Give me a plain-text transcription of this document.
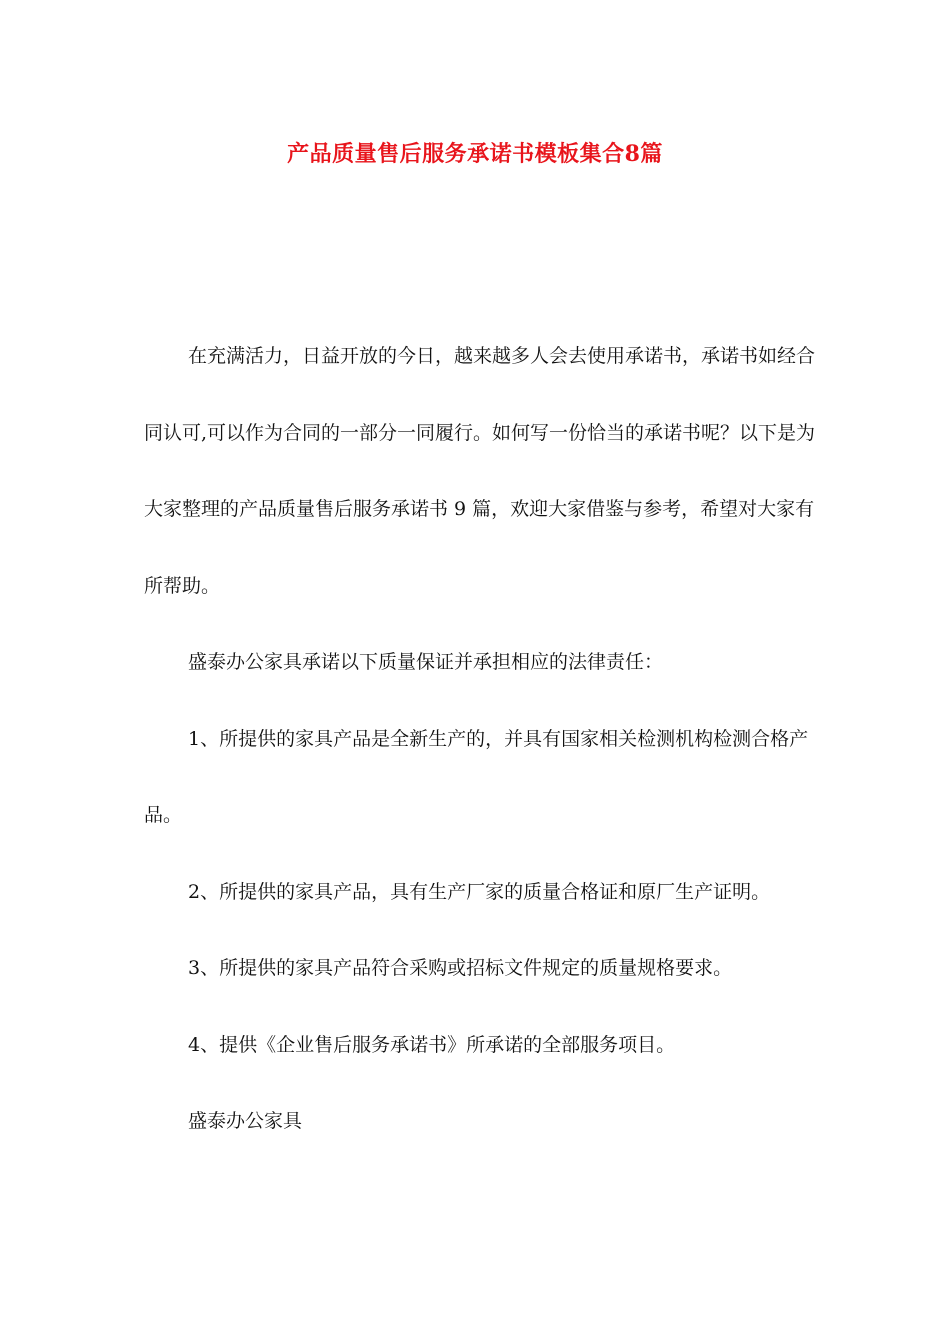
产品质量售后服务承诺书模板集合8篇

在充满活力，日益开放的今日，越来越多人会去使用承诺书，承诺书如经合同认可,可以作为合同的一部分一同履行。如何写一份恰当的承诺书呢？以下是为大家整理的产品质量售后服务承诺书 9 篇，欢迎大家借鉴与参考，希望对大家有所帮助。

盛泰办公家具承诺以下质量保证并承担相应的法律责任：

1、所提供的家具产品是全新生产的，并具有国家相关检测机构检测合格产品。

2、所提供的家具产品，具有生产厂家的质量合格证和原厂生产证明。

3、所提供的家具产品符合采购或招标文件规定的质量规格要求。

4、提供《企业售后服务承诺书》所承诺的全部服务项目。

盛泰办公家具
